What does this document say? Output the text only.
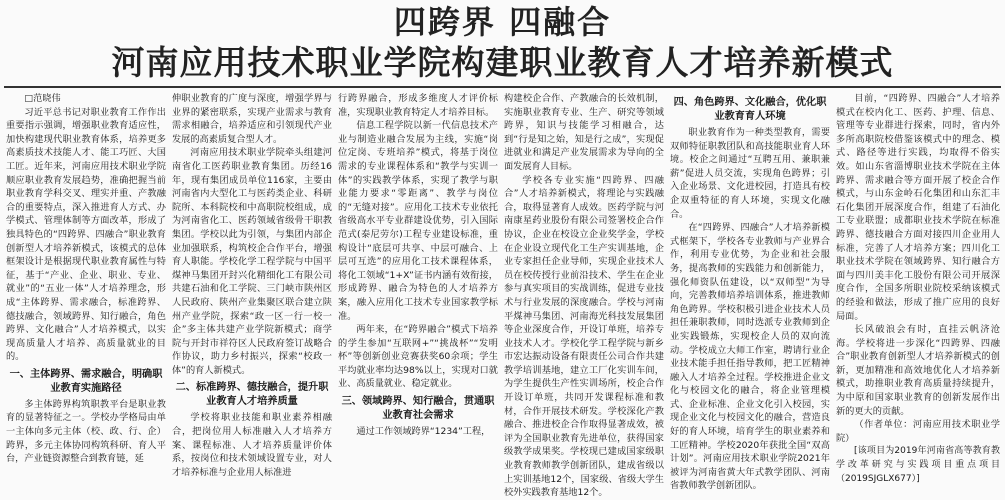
四跨界 四融合
河南应用技术职业学院构建职业教育人才培养新模式

□范晓伟

习近平总书记对职业教育工作作出重要指示强调，增强职业教育适应性，加快构建现代职业教育体系，培养更多高素质技术技能人才、能工巧匠、大国工匠。近年来，河南应用技术职业学院顺应职业教育发展趋势，准确把握当前职业教育学科交叉、理实并重、产教融合的重要特点，深入推进育人方式、办学模式、管理体制等方面改革，形成了独具特色的“四跨界、四融合”职业教育创新型人才培养新模式，该模式的总体框架设计是根据现代职业教育属性与特征，基于“产业、企业、职业、专业、就业”的“五业一体”人才培养理念，形成“主体跨界、需求融合，标准跨界、德技融合，领域跨界、知行融合，角色跨界、文化融合”人才培养模式，以实现高质量人才培养、高质量就业的目的。

一、主体跨界、需求融合，明确职业教育实施路径

多主体跨界构筑职教平台是职业教育的显著特征之一。学校办学格局由单一主体向多元主体（校、政、行、企）跨界，多元主体协同构筑科研、育人平台，产业链资源整合到教育链，延

伸职业教育的广度与深度，增强学界与业界的紧密联系，实现产业需求与教育需求相融合，培养适应和引领现代产业发展的高素质复合型人才。

河南应用技术职业学院牵头组建河南省化工医药职业教育集团。历经16年，现有集团成员单位116家，主要由河南省内大型化工与医药类企业、科研院所、本科院校和中高职院校组成，成为河南省化工、医药领域省级骨干职教集团。学校以此为引领，与集团内部企业加强联系，构筑校企合作平台，增强育人职能。学校化学工程学院与中国平煤神马集团开封兴化精细化工有限公司共建石油和化工学院、三门峡市陕州区人民政府、陕州产业集聚区联合建立陕州产业学院，探索“政一区一行一校一企”多主体共建产业学院新模式；商学院与开封市祥符区人民政府签订战略合作协议，助力乡村振兴，探索“校政一体”的育人新模式。

二、标准跨界、德技融合，提升职业教育人才培养质量

学校将职业技能和职业素养相融合，把岗位用人标准融入人才培养方案、课程标准、人才培养质量评价体系，按岗位和技术领域设置专业，对人才培养标准与企业用人标准进

行跨界融合，形成多维度人才评价标准，实现职业教育特定人才培养目标。

信息工程学院以新一代信息技术产业与制造业融合发展为主线，实施“岗位定岗、专班培养”模式，将基于岗位需求的专业课程体系和“教学与实训一体”的实践教学体系，实现了教学与职业能力要求“零距离”、教学与岗位的“无缝对接”。应用化工技术专业依托省级高水平专业群建设优势，引入国际范式(泰尼劳尔)工程专业建设标准，重构设计“底层可共享、中层可融合、上层可互选”的应用化工技术课程体系，将化工领域“1+X”证书内涵有效衔接，形成跨界、融合为特色的人才培养方案，融入应用化工技术专业国家教学标准。

两年来，在“跨界融合”模式下培养的学生参加“互联网+”“挑战杯”“发明杯”等创新创业竞赛获奖60余项；学生平均就业率均达98%以上，实现对口就业、高质量就业、稳定就业。

三、领域跨界、知行融合，贯通职业教育社会需求

通过工作领域跨界“1234”工程，

构建校企合作、产教融合的长效机制，实施职业教育专业、生产、研究等领域跨界，知识与技能学习相融合，达到“行是知之始，知是行之成”，实现促进就业和满足产业发展需求为导向的全面发展育人目标。

学校各专业实施“四跨界、四融合”人才培养新模式，将理论与实践融合，取得显著育人成效。医药学院与河南康星药业股份有限公司签署校企合作协议，企业在校设立企业奖学金，学校在企业设立现代化工生产实训基地，企业专家担任企业导师，实现企业技术人员在校传授行业前沿技术、学生在企业参与真实项目的实战训练，促进专业技术与行业发展的深度融合。学校与河南平煤神马集团、河南海光科技发展集团等企业深度合作，开设订单班，培养专业技术人才。学校化学工程学院与新乡市宏达振动设备有限责任公司合作共建教学培训基地，建立工厂化实训车间，为学生提供生产性实训场所，校企合作开设订单班，共同开发课程标准和教材，合作开展技术研发。学校深化产教融合、推进校企合作取得显著成效，被评为全国职业教育先进单位，获得国家级教学成果奖。学校现已建成国家级职业教育教师教学创新团队，建成省级以上实训基地12个，国家级、省级大学生校外实践教育基地12个。

四、角色跨界、文化融合，优化职业教育育人环境

职业教育作为一种类型教育，需要双师特征职教团队和高技能职业育人环境。校企之间通过“互聘互用、兼职兼薪”促进人员交流，实现角色跨界；引入企业场景、文化进校园，打造具有校企双重特征的育人环境，实现文化融合。

在“四跨界、四融合”人才培养新模式框架下，学校各专业教师与产业界合作，利用专业优势，为企业和社会服务，提高教师的实践能力和创新能力，强化师资队伍建设，以“双师型”为导向，完善教师培养培训体系，推进教师角色跨界。学校积极引进企业技术人员担任兼职教师，同时选派专业教师到企业实践锻炼，实现校企人员的双向流动。学校成立大师工作室，聘请行业企业技术能手担任指导教师，把工匠精神融入人才培养全过程。学校推进企业文化与校园文化的融合，将企业管理模式、企业标准、企业文化引入校园，实现企业文化与校园文化的融合，营造良好的育人环境，培育学生的职业素养和工匠精神。学校2020年获批全国“双高计划”。河南应用技术职业学院2021年被评为河南省黄大年式教学团队、河南省教师教学创新团队。

目前，“四跨界、四融合”人才培养模式在校内化工、医药、护理、信息、管理等专业群进行探索，同时，省内外多所高职院校借鉴该模式中的理念、模式、路径等进行实践，均取得不俗实效。如山东省淄博职业技术学院在主体跨界、需求融合等方面开展了校企合作模式，与山东金岭石化集团和山东汇丰石化集团开展深度合作，组建了石油化工专业联盟；成都职业技术学院在标准跨界、德技融合方面对接四川企业用人标准，完善了人才培养方案；四川化工职业技术学院在领域跨界、知行融合方面与四川美丰化工股份有限公司开展深度合作，全国多所职业院校采纳该模式的经验和做法，形成了推广应用的良好局面。

长风破浪会有时，直挂云帆济沧海。学校将进一步深化“四跨界、四融合”职业教育创新型人才培养新模式的创新，更加精准和高效地优化人才培养新模式，助推职业教育高质量持续提升，为中原和国家职业教育的创新发展作出新的更大的贡献。

（作者单位：河南应用技术职业学院）

[该项目为2019年河南省高等教育教学改革研究与实践项目重点项目（2019SJGLX677）]
